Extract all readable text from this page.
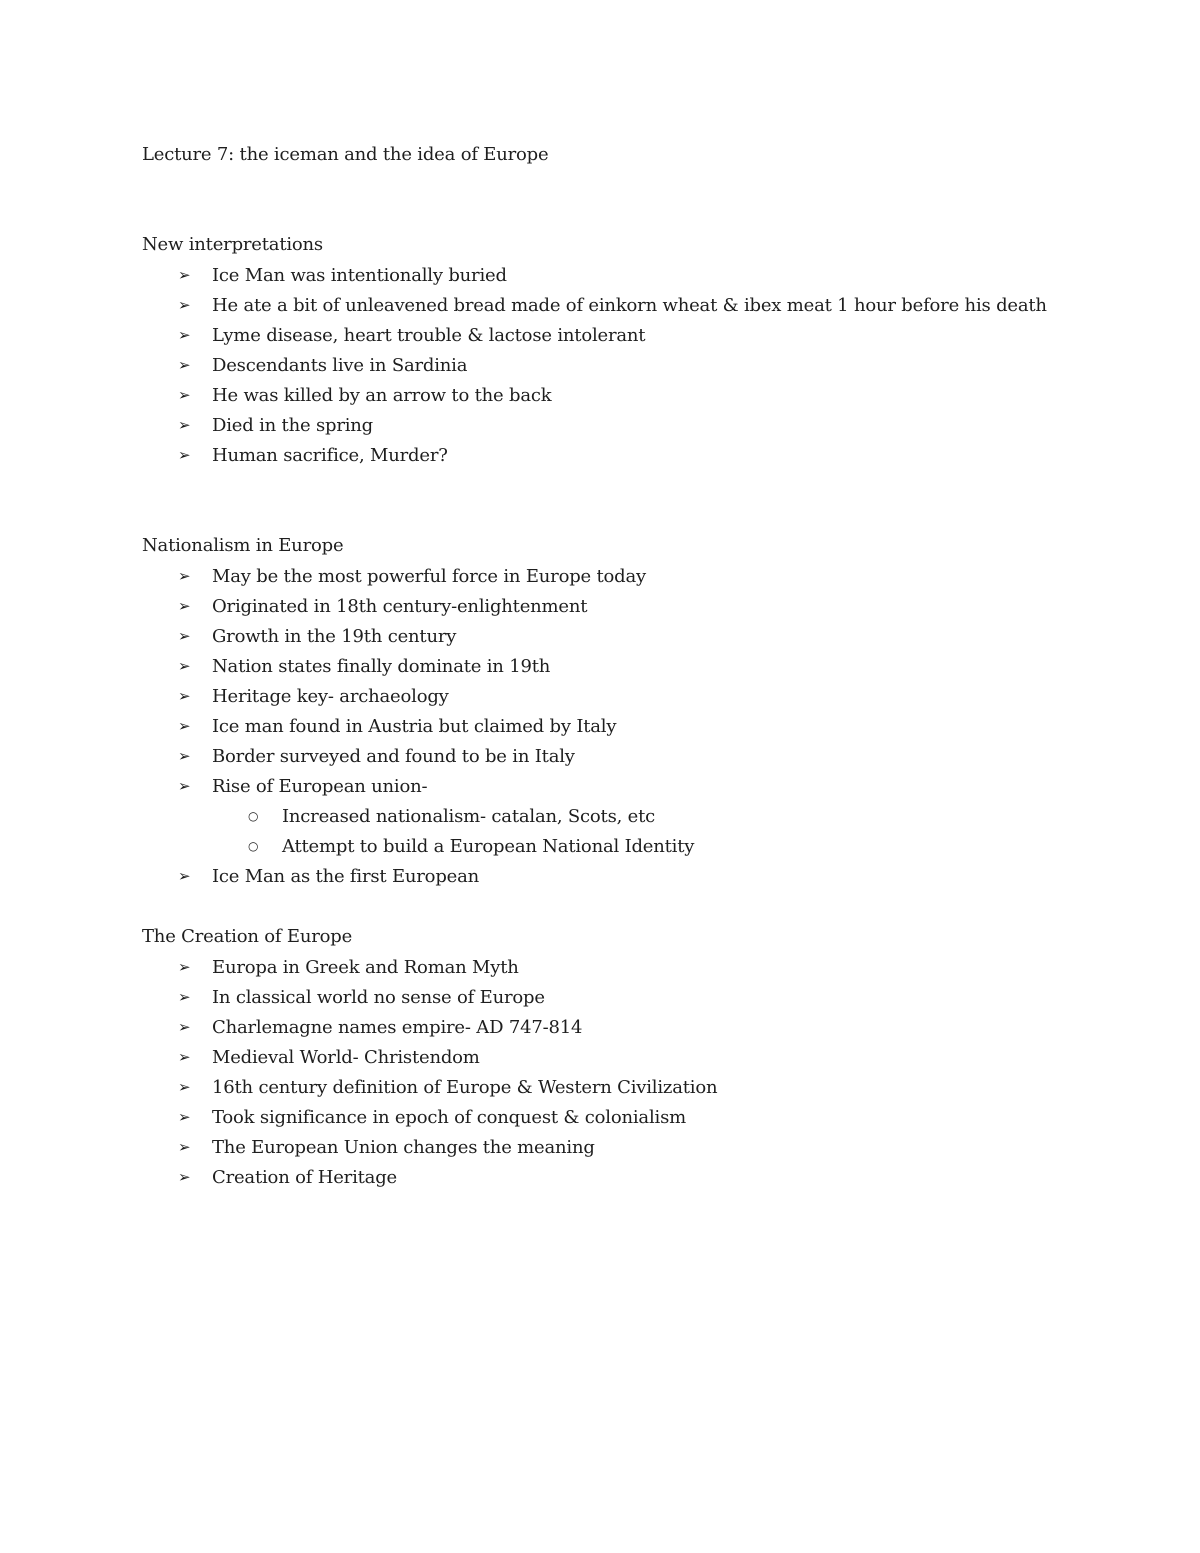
Lecture 7: the iceman and the idea of Europe
New interpretations
➢ Ice Man was intentionally buried
➢ He ate a bit of unleavened bread made of einkorn wheat & ibex meat 1 hour before his death
➢ Lyme disease, heart trouble & lactose intolerant
➢ Descendants live in Sardinia
➢ He was killed by an arrow to the back
➢ Died in the spring
➢ Human sacrifice, Murder?
Nationalism in Europe
➢ May be the most powerful force in Europe today
➢ Originated in 18th century-enlightenment
➢ Growth in the 19th century
➢ Nation states finally dominate in 19th
➢ Heritage key- archaeology
➢ Ice man found in Austria but claimed by Italy
➢ Border surveyed and found to be in Italy
➢ Rise of European union-
○ Increased nationalism- catalan, Scots, etc
○ Attempt to build a European National Identity
➢ Ice Man as the first European
The Creation of Europe
➢ Europa in Greek and Roman Myth
➢ In classical world no sense of Europe
➢ Charlemagne names empire- AD 747-814
➢ Medieval World- Christendom
➢ 16th century definition of Europe & Western Civilization
➢ Took significance in epoch of conquest & colonialism
➢ The European Union changes the meaning
➢ Creation of Heritage
